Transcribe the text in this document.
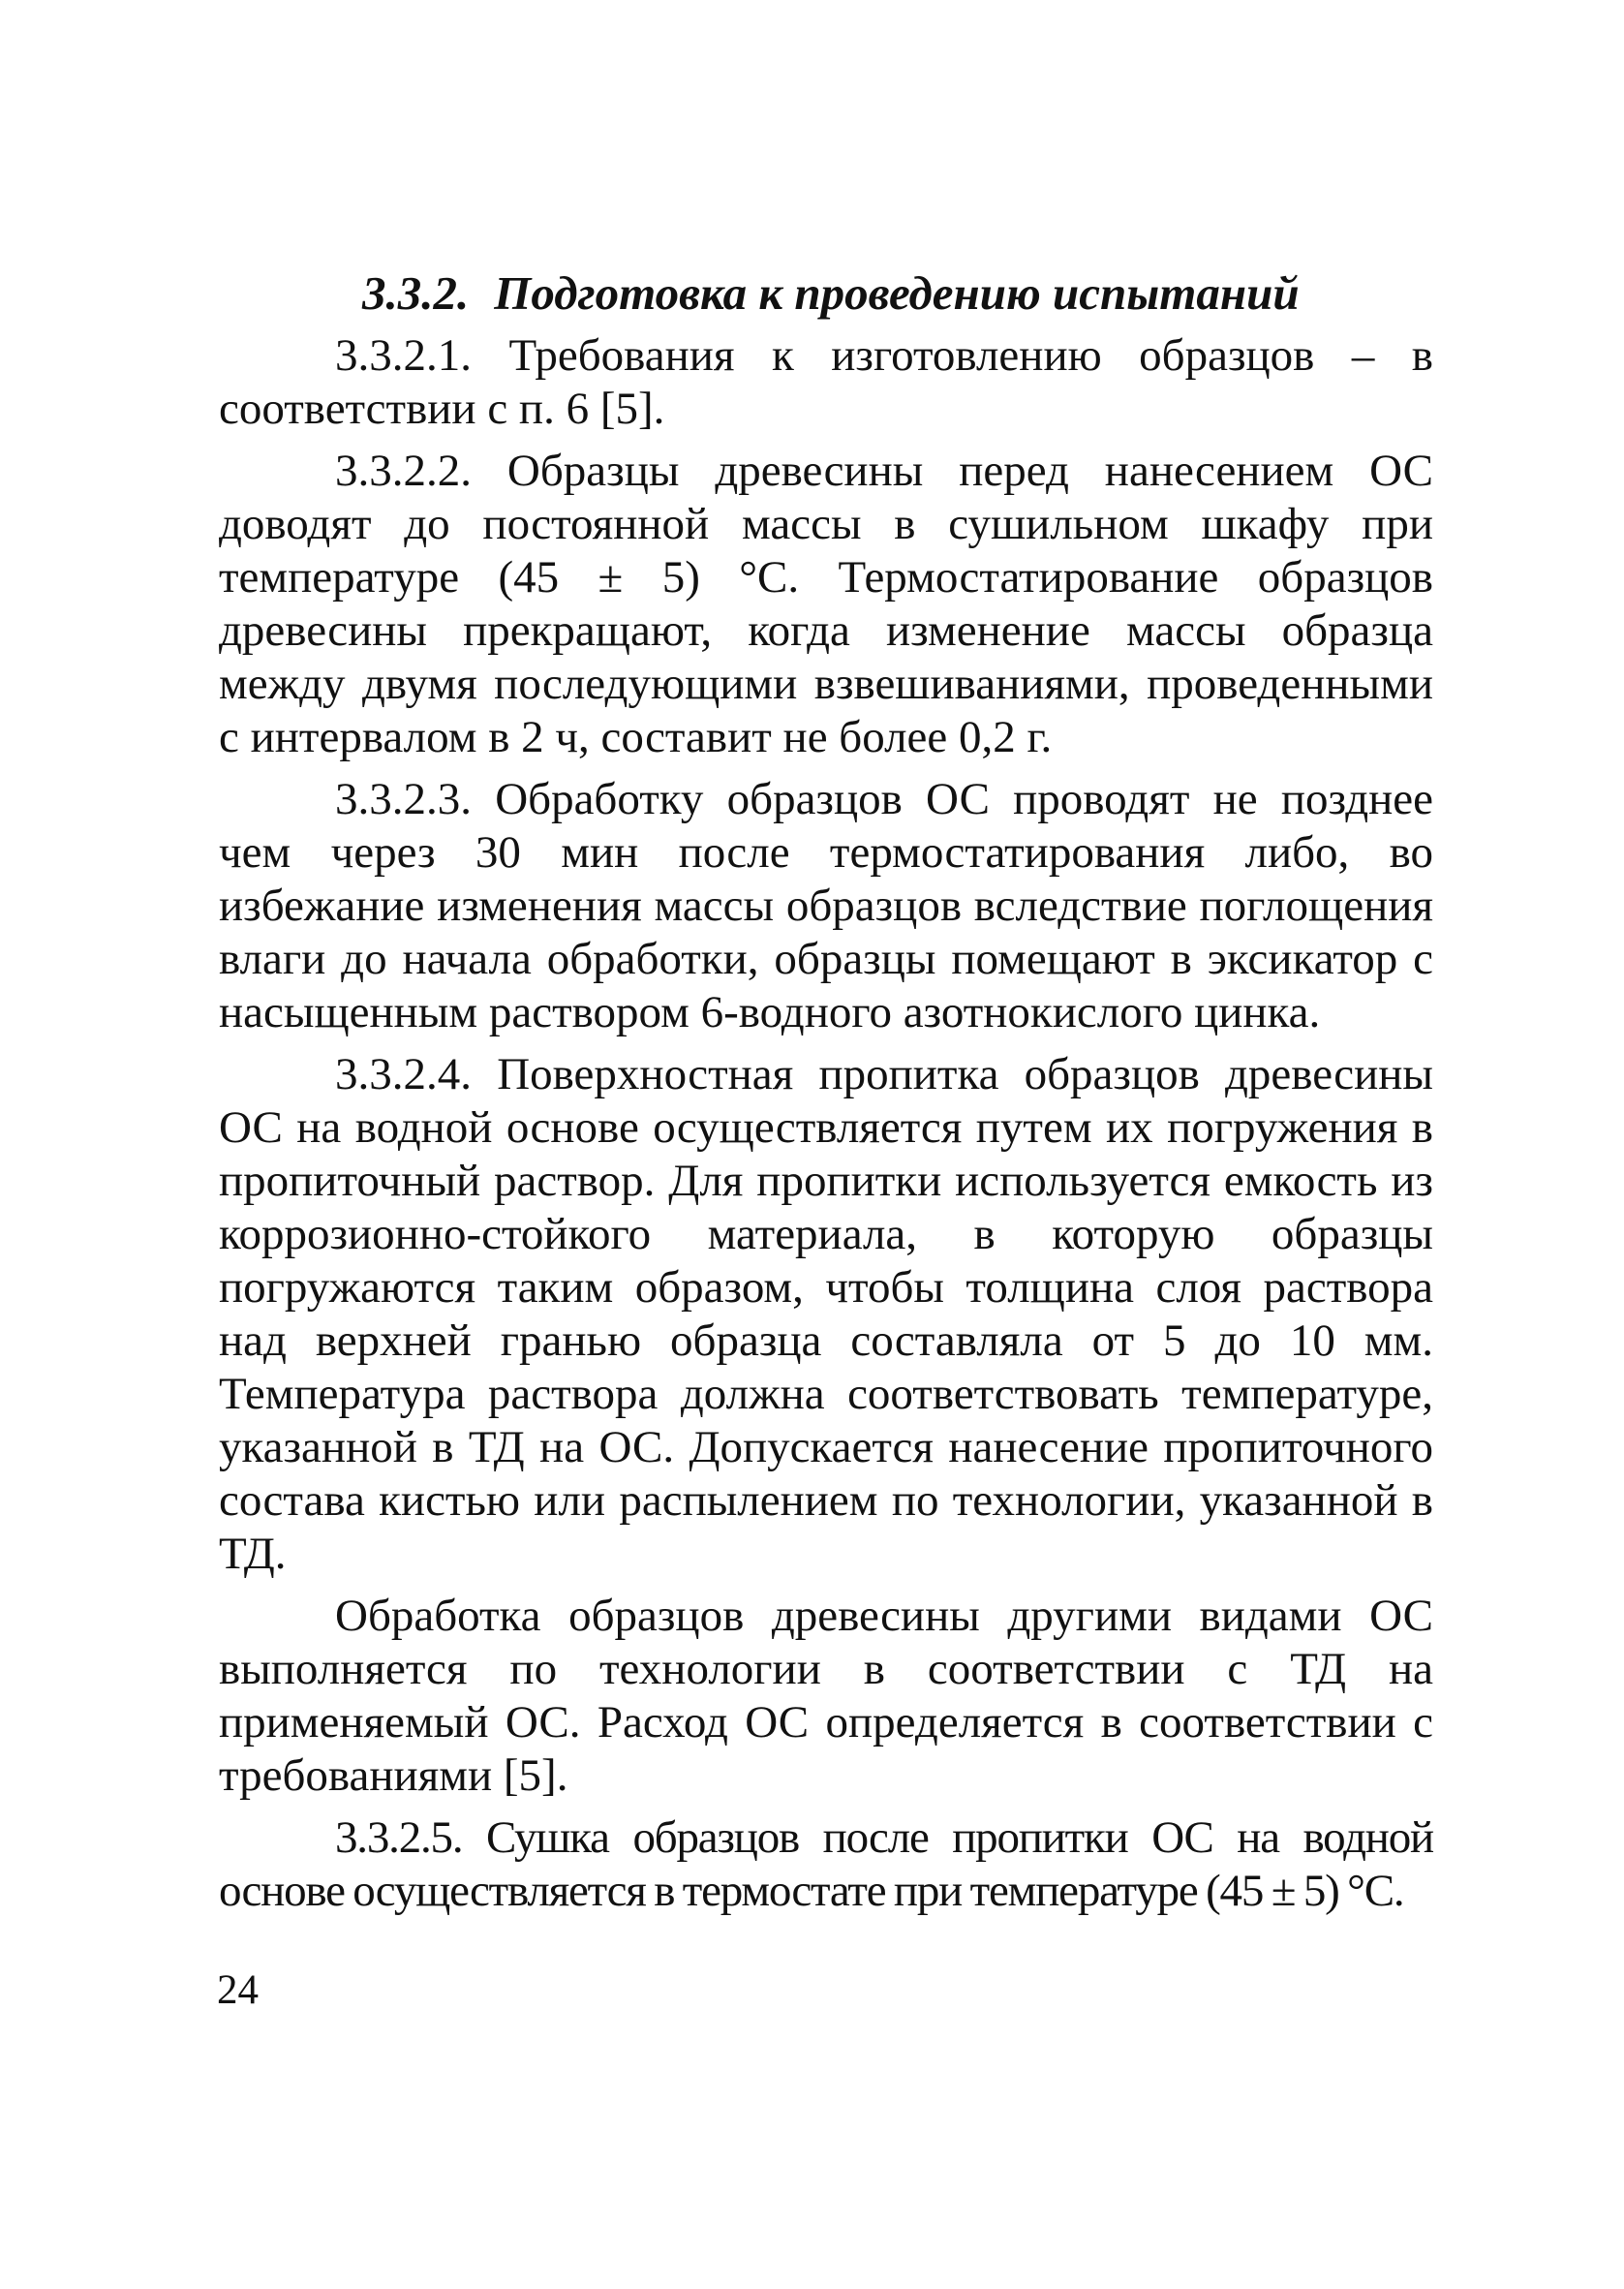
3.3.2. Подготовка к проведению испытаний

3.3.2.1. Требования к изготовлению образцов – в соответствии с п. 6 [5].

3.3.2.2. Образцы древесины перед нанесением ОС доводят до постоянной массы в сушильном шкафу при температуре (45 ± 5) °С. Термостатирование образцов древесины прекращают, когда изменение массы образца между двумя последующими взвешиваниями, проведенными с интервалом в 2 ч, составит не более 0,2 г.

3.3.2.3. Обработку образцов ОС проводят не позднее чем через 30 мин после термостатирования либо, во избежание изменения массы образцов вследствие поглощения влаги до начала обработки, образцы помещают в эксикатор с насыщенным раствором 6-водного азотнокислого цинка.

3.3.2.4. Поверхностная пропитка образцов древесины ОС на водной основе осуществляется путем их погружения в пропиточный раствор. Для пропитки используется емкость из коррозионно-стойкого материала, в которую образцы погружаются таким образом, чтобы толщина слоя раствора над верхней гранью образца составляла от 5 до 10 мм. Температура раствора должна соответствовать температуре, указанной в ТД на ОС. Допускается нанесение пропиточного состава кистью или распылением по технологии, указанной в ТД.

Обработка образцов древесины другими видами ОС выполняется по технологии в соответствии с ТД на применяемый ОС. Расход ОС определяется в соответствии с требованиями [5].

3.3.2.5. Сушка образцов после пропитки ОС на водной основе осуществляется в термостате при температуре (45 ± 5) °С.

24
